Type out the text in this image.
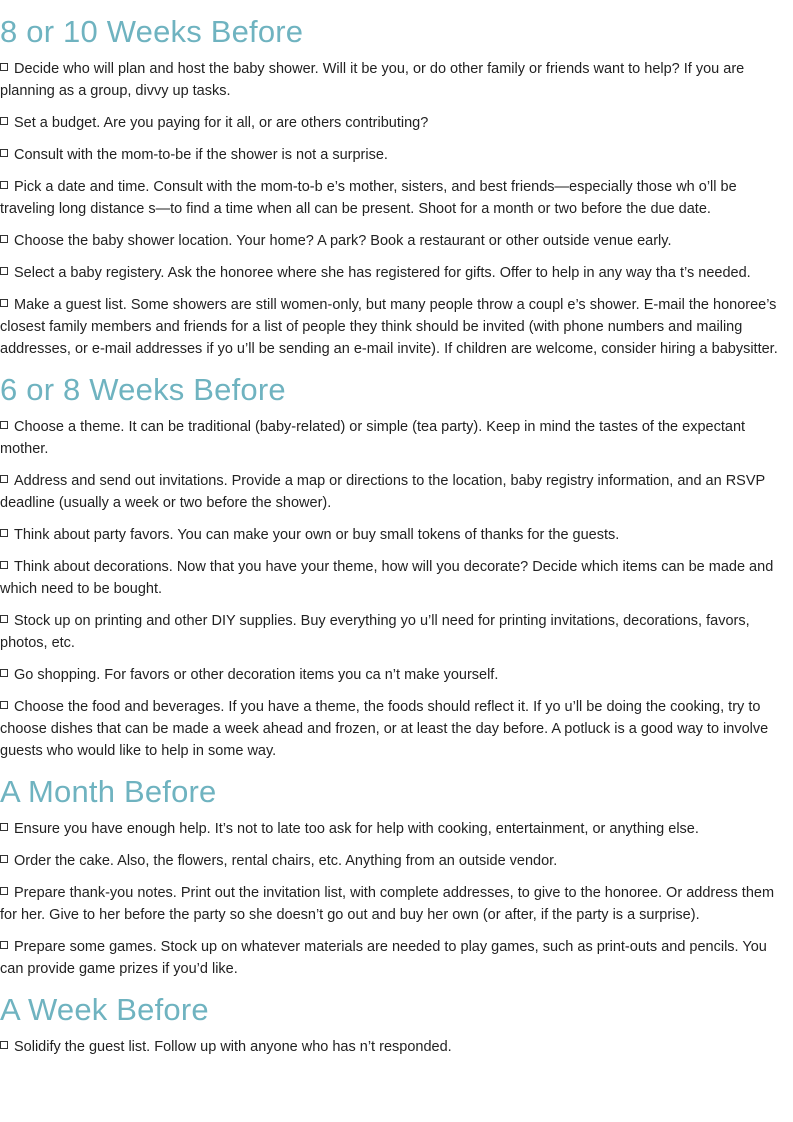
8 or 10 Weeks Before
Decide who will plan and host the baby shower. Will it be you, or do other family or friends want to help? If you are planning as a group, divvy up tasks.
Set a budget. Are you paying for it all, or are others contributing?
Consult with the mom-to-be if the shower is not a surprise.
Pick a date and time. Consult with the mom-to-b e’s mother, sisters, and best friends—especially those wh o’ll be traveling long distance s—to find a time when all can be present. Shoot for a month or two before the due date.
Choose the baby shower location. Your home? A park? Book a restaurant or other outside venue early.
Select a baby registery. Ask the honoree where she has registered for gifts. Offer to help in any way tha t’s needed.
Make a guest list. Some showers are still women-only, but many people throw a coupl e’s shower. E-mail the honoree’s closest family members and friends for a list of people they think should be invited (with phone numbers and mailing addresses, or e-mail addresses if yo u’ll be sending an e-mail invite). If children are welcome, consider hiring a babysitter.
6 or 8 Weeks Before
Choose a theme. It can be traditional (baby-related) or simple (tea party). Keep in mind the tastes of the expectant mother.
Address and send out invitations. Provide a map or directions to the location, baby registry information, and an RSVP deadline (usually a week or two before the shower).
Think about party favors. You can make your own or buy small tokens of thanks for the guests.
Think about decorations. Now that you have your theme, how will you decorate? Decide which items can be made and which need to be bought.
Stock up on printing and other DIY supplies. Buy everything yo u’ll need for printing invitations, decorations, favors, photos, etc.
Go shopping. For favors or other decoration items you ca n’t make yourself.
Choose the food and beverages. If you have a theme, the foods should reflect it. If yo u’ll be doing the cooking, try to choose dishes that can be made a week ahead and frozen, or at least the day before. A potluck is a good way to involve guests who would like to help in some way.
A Month Before
Ensure you have enough help. It’s not to late too ask for help with cooking, entertainment, or anything else.
Order the cake. Also, the flowers, rental chairs, etc. Anything from an outside vendor.
Prepare thank-you notes. Print out the invitation list, with complete addresses, to give to the honoree. Or address them for her. Give to her before the party so she doesn’t go out and buy her own (or after, if the party is a surprise).
Prepare some games. Stock up on whatever materials are needed to play games, such as print-outs and pencils. You can provide game prizes if you’d like.
A Week Before
Solidify the guest list. Follow up with anyone who has n’t responded.
